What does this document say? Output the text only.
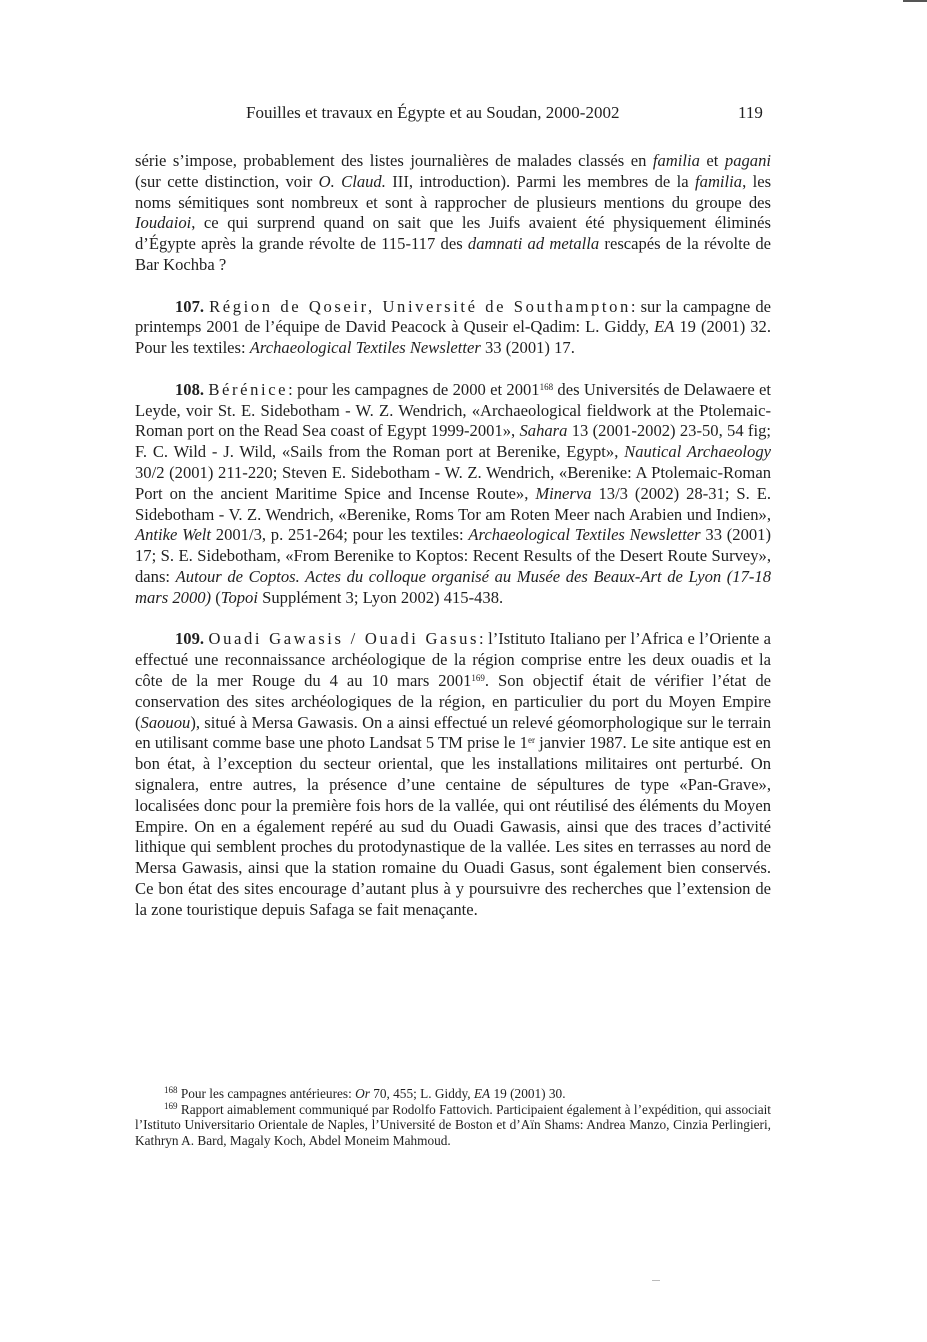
Fouilles et travaux en Égypte et au Soudan, 2000-2002	119

série s’impose, probablement des listes journalières de malades classés en familia et pagani (sur cette distinction, voir O. Claud. III, introduction). Parmi les membres de la familia, les noms sémitiques sont nombreux et sont à rapprocher de plusieurs mentions du groupe des Ioudaioi, ce qui surprend quand on sait que les Juifs avaient été physiquement éliminés d’Égypte après la grande révolte de 115-117 des damnati ad metalla rescapés de la révolte de Bar Kochba ?

107. Région de Qoseir, Université de Southampton: sur la campagne de printemps 2001 de l’équipe de David Peacock à Quseir el-Qadim: L. Giddy, EA 19 (2001) 32. Pour les textiles: Archaeological Textiles Newsletter 33 (2001) 17.

108. Bérénice: pour les campagnes de 2000 et 2001$^{168}$ des Universités de Delawaere et Leyde, voir St. E. Sidebotham - W. Z. Wendrich, «Archaeological fieldwork at the Ptolemaic-Roman port on the Read Sea coast of Egypt 1999-2001», Sahara 13 (2001-2002) 23-50, 54 fig; F. C. Wild - J. Wild, «Sails from the Roman port at Berenike, Egypt», Nautical Archaeology 30/2 (2001) 211-220; Steven E. Sidebotham - W. Z. Wendrich, «Berenike: A Ptolemaic-Roman Port on the ancient Maritime Spice and Incense Route», Minerva 13/3 (2002) 28-31; S. E. Sidebotham - V. Z. Wendrich, «Berenike, Roms Tor am Roten Meer nach Arabien und Indien», Antike Welt 2001/3, p. 251-264; pour les textiles: Archaeological Textiles Newsletter 33 (2001) 17; S. E. Sidebotham, «From Berenike to Koptos: Recent Results of the Desert Route Survey», dans: Autour de Coptos. Actes du colloque organisé au Musée des Beaux-Art de Lyon (17-18 mars 2000) (Topoi Supplément 3; Lyon 2002) 415-438.

109. Ouadi Gawasis / Ouadi Gasus: l’Istituto Italiano per l’Africa e l’Oriente a effectué une reconnaissance archéologique de la région comprise entre les deux ouadis et la côte de la mer Rouge du 4 au 10 mars 2001$^{169}$. Son objectif était de vérifier l’état de conservation des sites archéologiques de la région, en particulier du port du Moyen Empire (Saouou), situé à Mersa Gawasis. On a ainsi effectué un relevé géomorphologique sur le terrain en utilisant comme base une photo Landsat 5 TM prise le 1er janvier 1987. Le site antique est en bon état, à l’exception du secteur oriental, que les installations militaires ont perturbé. On signalera, entre autres, la présence d’une centaine de sépultures de type «Pan-Grave», localisées donc pour la première fois hors de la vallée, qui ont réutilisé des éléments du Moyen Empire. On en a également repéré au sud du Ouadi Gawasis, ainsi que des traces d’activité lithique qui semblent proches du protodynastique de la vallée. Les sites en terrasses au nord de Mersa Gawasis, ainsi que la station romaine du Ouadi Gasus, sont également bien conservés. Ce bon état des sites encourage d’autant plus à y poursuivre des recherches que l’extension de la zone touristique depuis Safaga se fait menaçante.

$^{168}$ Pour les campagnes antérieures: Or 70, 455; L. Giddy, EA 19 (2001) 30.

$^{169}$ Rapport aimablement communiqué par Rodolfo Fattovich. Participaient également à l’expédition, qui associait l’Istituto Universitario Orientale de Naples, l’Université de Boston et d’Aïn Shams: Andrea Manzo, Cinzia Perlingieri, Kathryn A. Bard, Magaly Koch, Abdel Moneim Mahmoud.
